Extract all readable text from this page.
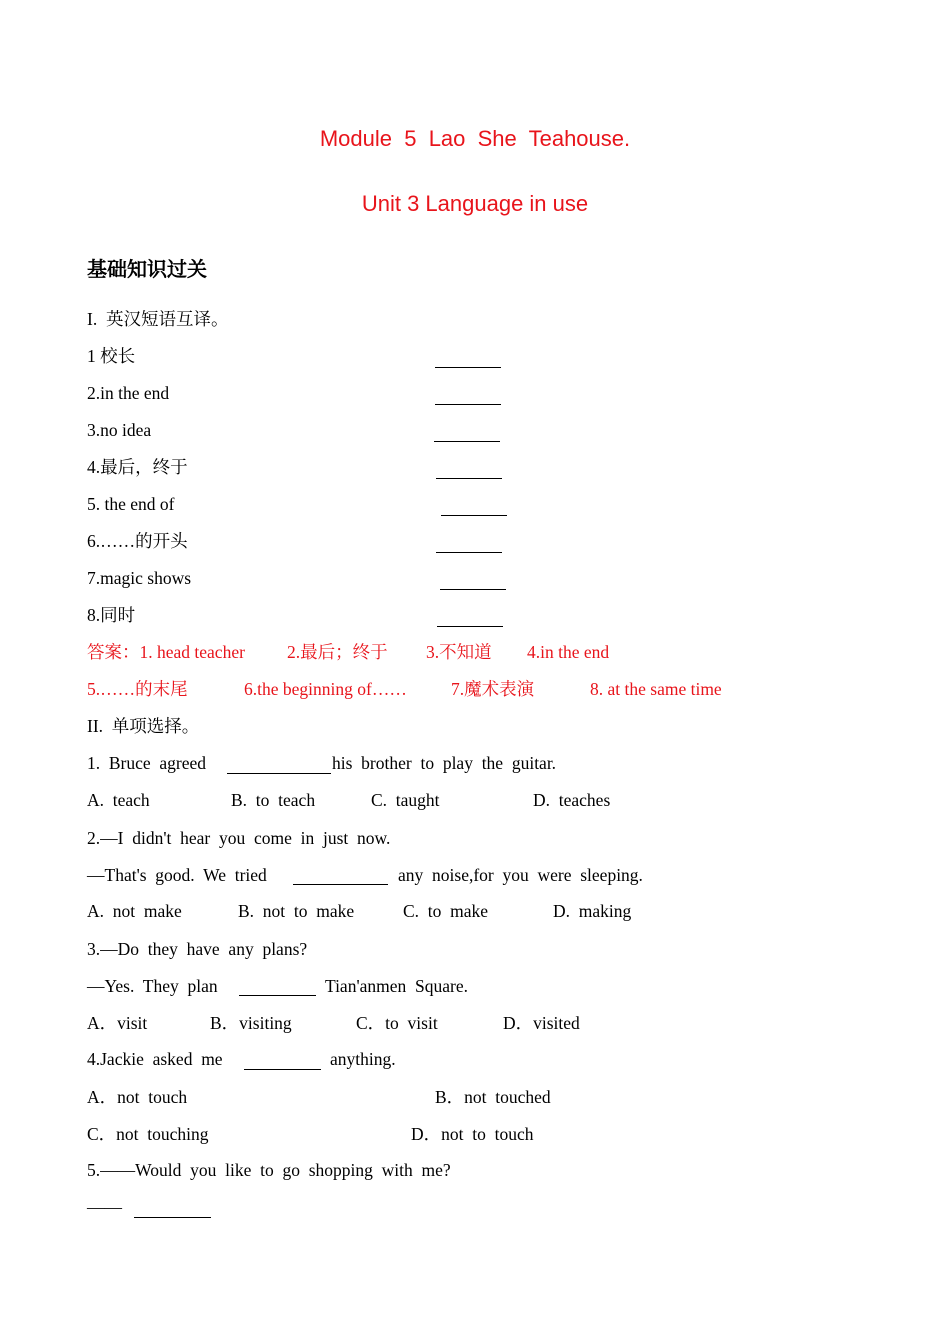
Module  5  Lao  She  Teahouse.
Unit 3 Language in use
基础知识过关
I.  英汉短语互译。
1 校长
2.in the end
3.no idea
4.最后，终于
5. the end of
6.……的开头
7.magic shows
8.同时
答案：1. head teacher 2.最后；终于 3.不知道 4.in the end
5.……的末尾	6.the beginning of……	7.魔术表演	8. at the same time
II.  单项选择。
1.  Bruce  agreed	his  brother  to  play  the  guitar.
A.  teach	B.  to  teach	C.  taught	D.  teaches
2.—I  didn't  hear  you  come  in  just  now.
—That's  good.  We  tried	any  noise,for  you  were  sleeping.
A.  not  make	B.  not  to  make	C.  to  make	D.  making
3.—Do  they  have  any  plans?
—Yes.  They  plan	Tian'anmen  Square.
A．visit	B．visiting	C．to  visit	D．visited
4.Jackie  asked  me	anything.
A．not  touch	B．not  touched
C．not  touching	D．not  to  touch
5.——Would  you  like  to  go  shopping  with  me?
——
